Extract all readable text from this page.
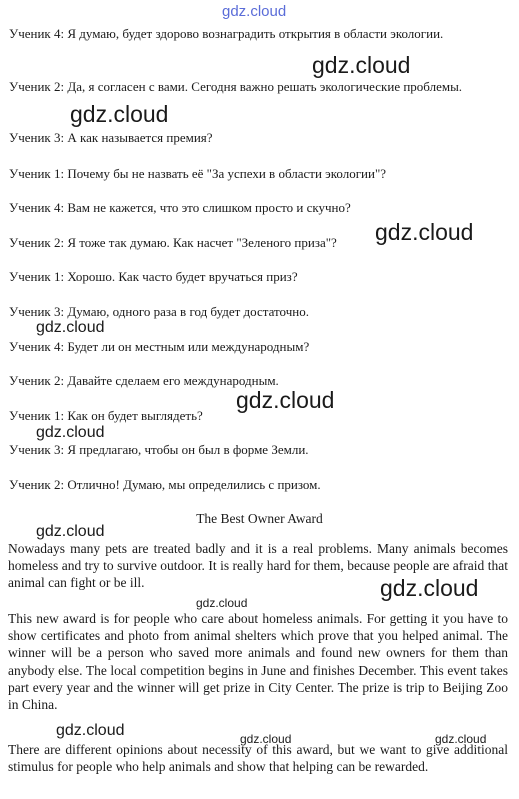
Ученик 4: Я думаю, будет здорово вознаградить открытия в области экологии.
Ученик 2: Да, я согласен с вами. Сегодня важно решать экологические проблемы.
Ученик 3: А как называется премия?
Ученик 1: Почему бы не назвать её "За успехи в области экологии"?
Ученик 4: Вам не кажется, что это слишком просто и скучно?
Ученик 2: Я тоже так думаю. Как насчет "Зеленого приза"?
Ученик 1: Хорошо. Как часто будет вручаться приз?
Ученик 3: Думаю, одного раза в год будет достаточно.
Ученик 4: Будет ли он местным или международным?
Ученик 2: Давайте сделаем его международным.
Ученик 1: Как он будет выглядеть?
Ученик 3: Я предлагаю, чтобы он был в форме Земли.
Ученик 2: Отлично! Думаю, мы определились с призом.
The Best Owner Award
Nowadays many pets are treated badly and it is a real problems. Many animals becomes homeless and try to survive outdoor. It is really hard for them, because people are afraid that animal can fight or be ill.
This new award is for people who care about homeless animals. For getting it you have to show certificates and photo from animal shelters which prove that you helped animal. The winner will be a person who saved more animals and found new owners for them than anybody else. The local competition begins in June and finishes December. This event takes part every year and the winner will get prize in City Center. The prize is trip to Beijing Zoo in China.
There are different opinions about necessity of this award, but we want to give additional stimulus for people who help animals and show that helping can be rewarded.
gdz.cloud
gdz.cloud
gdz.cloud
gdz.cloud
gdz.cloud
gdz.cloud
gdz.cloud
gdz.cloud
gdz.cloud
gdz.cloud
gdz.cloud	gdz.cloud	gdz.cloud
